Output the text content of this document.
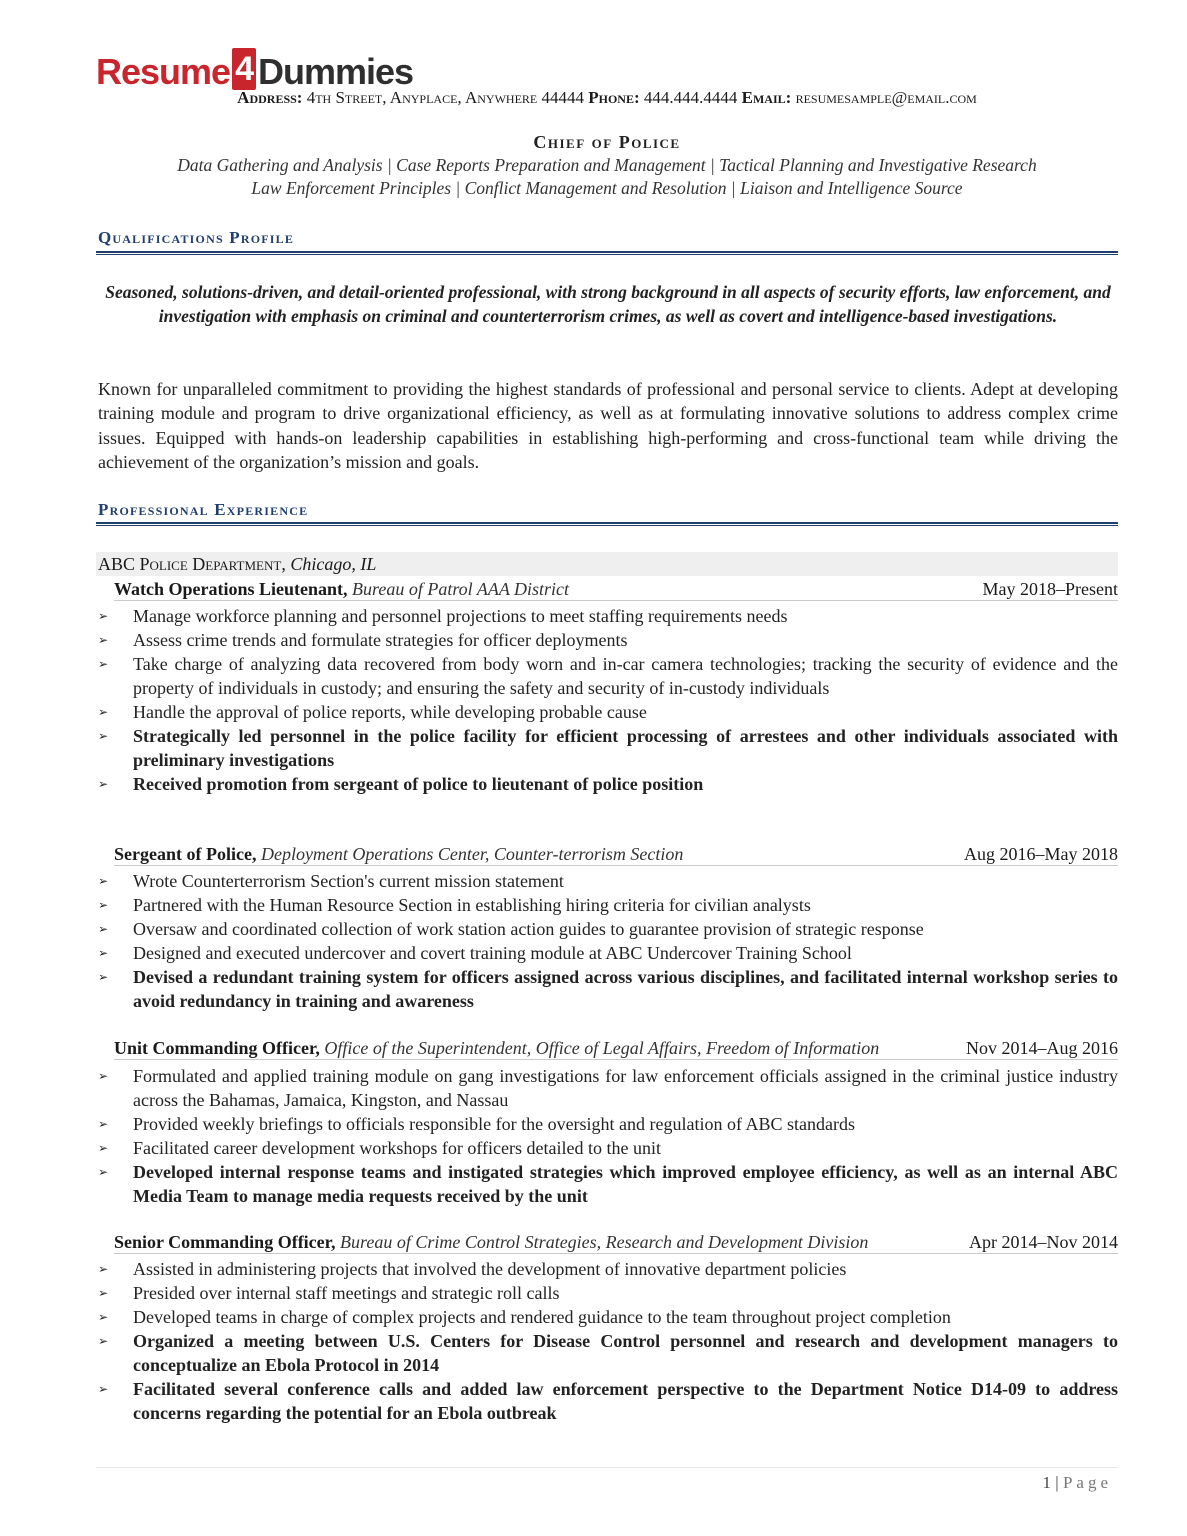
Resume 4 Dummies
Address: 4th Street, Anyplace, Anywhere 44444 Phone: 444.444.4444 Email: resumesample@email.com
Chief of Police
Data Gathering and Analysis | Case Reports Preparation and Management | Tactical Planning and Investigative Research
Law Enforcement Principles | Conflict Management and Resolution | Liaison and Intelligence Source
Qualifications Profile
Seasoned, solutions-driven, and detail-oriented professional, with strong background in all aspects of security efforts, law enforcement, and investigation with emphasis on criminal and counterterrorism crimes, as well as covert and intelligence-based investigations.
Known for unparalleled commitment to providing the highest standards of professional and personal service to clients. Adept at developing training module and program to drive organizational efficiency, as well as at formulating innovative solutions to address complex crime issues. Equipped with hands-on leadership capabilities in establishing high-performing and cross-functional team while driving the achievement of the organization’s mission and goals.
Professional Experience
ABC Police Department, Chicago, IL
Watch Operations Lieutenant, Bureau of Patrol AAA District	May 2018–Present
➢ Manage workforce planning and personnel projections to meet staffing requirements needs
➢ Assess crime trends and formulate strategies for officer deployments
➢ Take charge of analyzing data recovered from body worn and in-car camera technologies; tracking the security of evidence and the property of individuals in custody; and ensuring the safety and security of in-custody individuals
➢ Handle the approval of police reports, while developing probable cause
➢ Strategically led personnel in the police facility for efficient processing of arrestees and other individuals associated with preliminary investigations
➢ Received promotion from sergeant of police to lieutenant of police position
Sergeant of Police, Deployment Operations Center, Counter-terrorism Section	Aug 2016–May 2018
➢ Wrote Counterterrorism Section's current mission statement
➢ Partnered with the Human Resource Section in establishing hiring criteria for civilian analysts
➢ Oversaw and coordinated collection of work station action guides to guarantee provision of strategic response
➢ Designed and executed undercover and covert training module at ABC Undercover Training School
➢ Devised a redundant training system for officers assigned across various disciplines, and facilitated internal workshop series to avoid redundancy in training and awareness
Unit Commanding Officer, Office of the Superintendent, Office of Legal Affairs, Freedom of Information	Nov 2014–Aug 2016
➢ Formulated and applied training module on gang investigations for law enforcement officials assigned in the criminal justice industry across the Bahamas, Jamaica, Kingston, and Nassau
➢ Provided weekly briefings to officials responsible for the oversight and regulation of ABC standards
➢ Facilitated career development workshops for officers detailed to the unit
➢ Developed internal response teams and instigated strategies which improved employee efficiency, as well as an internal ABC Media Team to manage media requests received by the unit
Senior Commanding Officer, Bureau of Crime Control Strategies, Research and Development Division	Apr 2014–Nov 2014
➢ Assisted in administering projects that involved the development of innovative department policies
➢ Presided over internal staff meetings and strategic roll calls
➢ Developed teams in charge of complex projects and rendered guidance to the team throughout project completion
➢ Organized a meeting between U.S. Centers for Disease Control personnel and research and development managers to conceptualize an Ebola Protocol in 2014
➢ Facilitated several conference calls and added law enforcement perspective to the Department Notice D14-09 to address concerns regarding the potential for an Ebola outbreak
1 | Page
